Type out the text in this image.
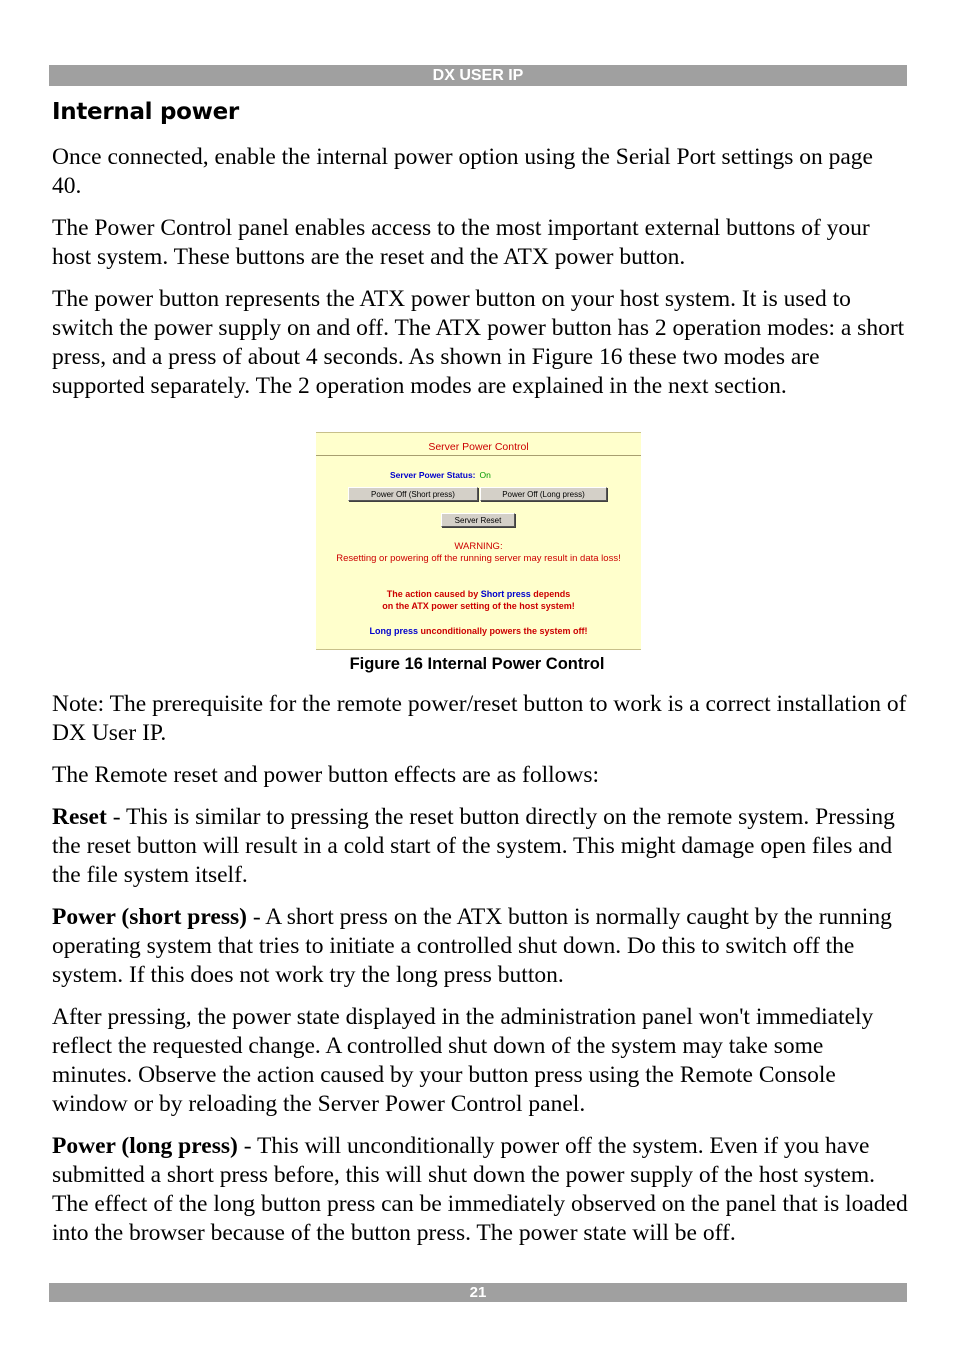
DX USER IP
Internal power

Once connected, enable the internal power option using the Serial Port settings on page 40.

The Power Control panel enables access to the most important external buttons of your host system. These buttons are the reset and the ATX power button.

The power button represents the ATX power button on your host system. It is used to switch the power supply on and off. The ATX power button has 2 operation modes: a short press, and a press of about 4 seconds. As shown in Figure 16 these two modes are supported separately. The 2 operation modes are explained in the next section.

Server Power Control
Server Power Status: On
Power Off (Short press)	Power Off (Long press)
Server Reset
WARNING:
Resetting or powering off the running server may result in data loss!
The action caused by Short press depends
on the ATX power setting of the host system!
Long press unconditionally powers the system off!
Figure 16 Internal Power Control

Note: The prerequisite for the remote power/reset button to work is a correct installation of DX User IP.

The Remote reset and power button effects are as follows:

Reset - This is similar to pressing the reset button directly on the remote system. Pressing the reset button will result in a cold start of the system. This might damage open files and the file system itself.

Power (short press) - A short press on the ATX button is normally caught by the running operating system that tries to initiate a controlled shut down. Do this to switch off the system. If this does not work try the long press button.

After pressing, the power state displayed in the administration panel won't immediately reflect the requested change. A controlled shut down of the system may take some minutes. Observe the action caused by your button press using the Remote Console window or by reloading the Server Power Control panel.

Power (long press) - This will unconditionally power off the system. Even if you have submitted a short press before, this will shut down the power supply of the host system. The effect of the long button press can be immediately observed on the panel that is loaded into the browser because of the button press. The power state will be off.

21
